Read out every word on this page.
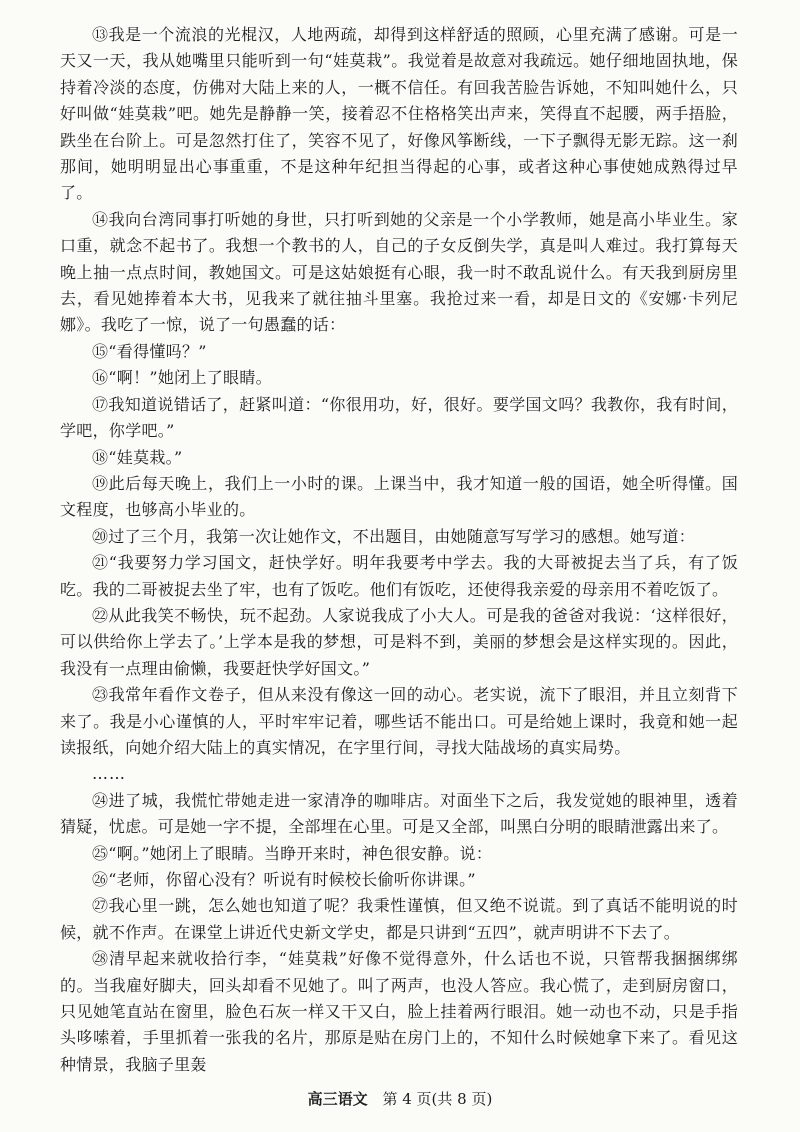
⑬我是一个流浪的光棍汉，人地两疏，却得到这样舒适的照顾，心里充满了感谢。可是一天又一天，我从她嘴里只能听到一句“娃莫栽”。我觉着是故意对我疏远。她仔细地固执地，保持着冷淡的态度，仿佛对大陆上来的人，一概不信任。有回我苦脸告诉她，不知叫她什么，只好叫做“娃莫栽”吧。她先是静静一笑，接着忍不住格格笑出声来，笑得直不起腰，两手捂脸，跌坐在台阶上。可是忽然打住了，笑容不见了，好像风筝断线，一下子飘得无影无踪。这一刹那间，她明明显出心事重重，不是这种年纪担当得起的心事，或者这种心事使她成熟得过早了。

⑭我向台湾同事打听她的身世，只打听到她的父亲是一个小学教师，她是高小毕业生。家口重，就念不起书了。我想一个教书的人，自己的子女反倒失学，真是叫人难过。我打算每天晚上抽一点点时间，教她国文。可是这姑娘挺有心眼，我一时不敢乱说什么。有天我到厨房里去，看见她捧着本大书，见我来了就往抽斗里塞。我抢过来一看，却是日文的《安娜·卡列尼娜》。我吃了一惊，说了一句愚蠢的话：

⑮“看得懂吗？”

⑯“啊！”她闭上了眼睛。

⑰我知道说错话了，赶紧叫道：“你很用功，好，很好。要学国文吗？我教你，我有时间，学吧，你学吧。”

⑱“娃莫栽。”

⑲此后每天晚上，我们上一小时的课。上课当中，我才知道一般的国语，她全听得懂。国文程度，也够高小毕业的。

⑳过了三个月，我第一次让她作文，不出题目，由她随意写写学习的感想。她写道：

㉑“我要努力学习国文，赶快学好。明年我要考中学去。我的大哥被捉去当了兵，有了饭吃。我的二哥被捉去坐了牢，也有了饭吃。他们有饭吃，还使得我亲爱的母亲用不着吃饭了。

㉒从此我笑不畅快，玩不起劲。人家说我成了小大人。可是我的爸爸对我说：‘这样很好，可以供给你上学去了。’上学本是我的梦想，可是料不到，美丽的梦想会是这样实现的。因此，我没有一点理由偷懒，我要赶快学好国文。”

㉓我常年看作文卷子，但从来没有像这一回的动心。老实说，流下了眼泪，并且立刻背下来了。我是小心谨慎的人，平时牢牢记着，哪些话不能出口。可是给她上课时，我竟和她一起读报纸，向她介绍大陆上的真实情况，在字里行间，寻找大陆战场的真实局势。

……

㉔进了城，我慌忙带她走进一家清净的咖啡店。对面坐下之后，我发觉她的眼神里，透着猜疑，忧虑。可是她一字不提，全部埋在心里。可是又全部，叫黑白分明的眼睛泄露出来了。

㉕“啊。”她闭上了眼睛。当睁开来时，神色很安静。说：

㉖“老师，你留心没有？听说有时候校长偷听你讲课。”

㉗我心里一跳，怎么她也知道了呢？我秉性谨慎，但又绝不说谎。到了真话不能明说的时候，就不作声。在课堂上讲近代史新文学史，都是只讲到“五四”，就声明讲不下去了。

㉘清早起来就收拾行李，“娃莫栽”好像不觉得意外，什么话也不说，只管帮我捆捆绑绑的。当我雇好脚夫，回头却看不见她了。叫了两声，也没人答应。我心慌了，走到厨房窗口，只见她笔直站在窗里，脸色石灰一样又干又白，脸上挂着两行眼泪。她一动也不动，只是手指头哆嗦着，手里抓着一张我的名片，那原是贴在房门上的，不知什么时候她拿下来了。看见这种情景，我脑子里轰

高三语文 第 4 页(共 8 页)
